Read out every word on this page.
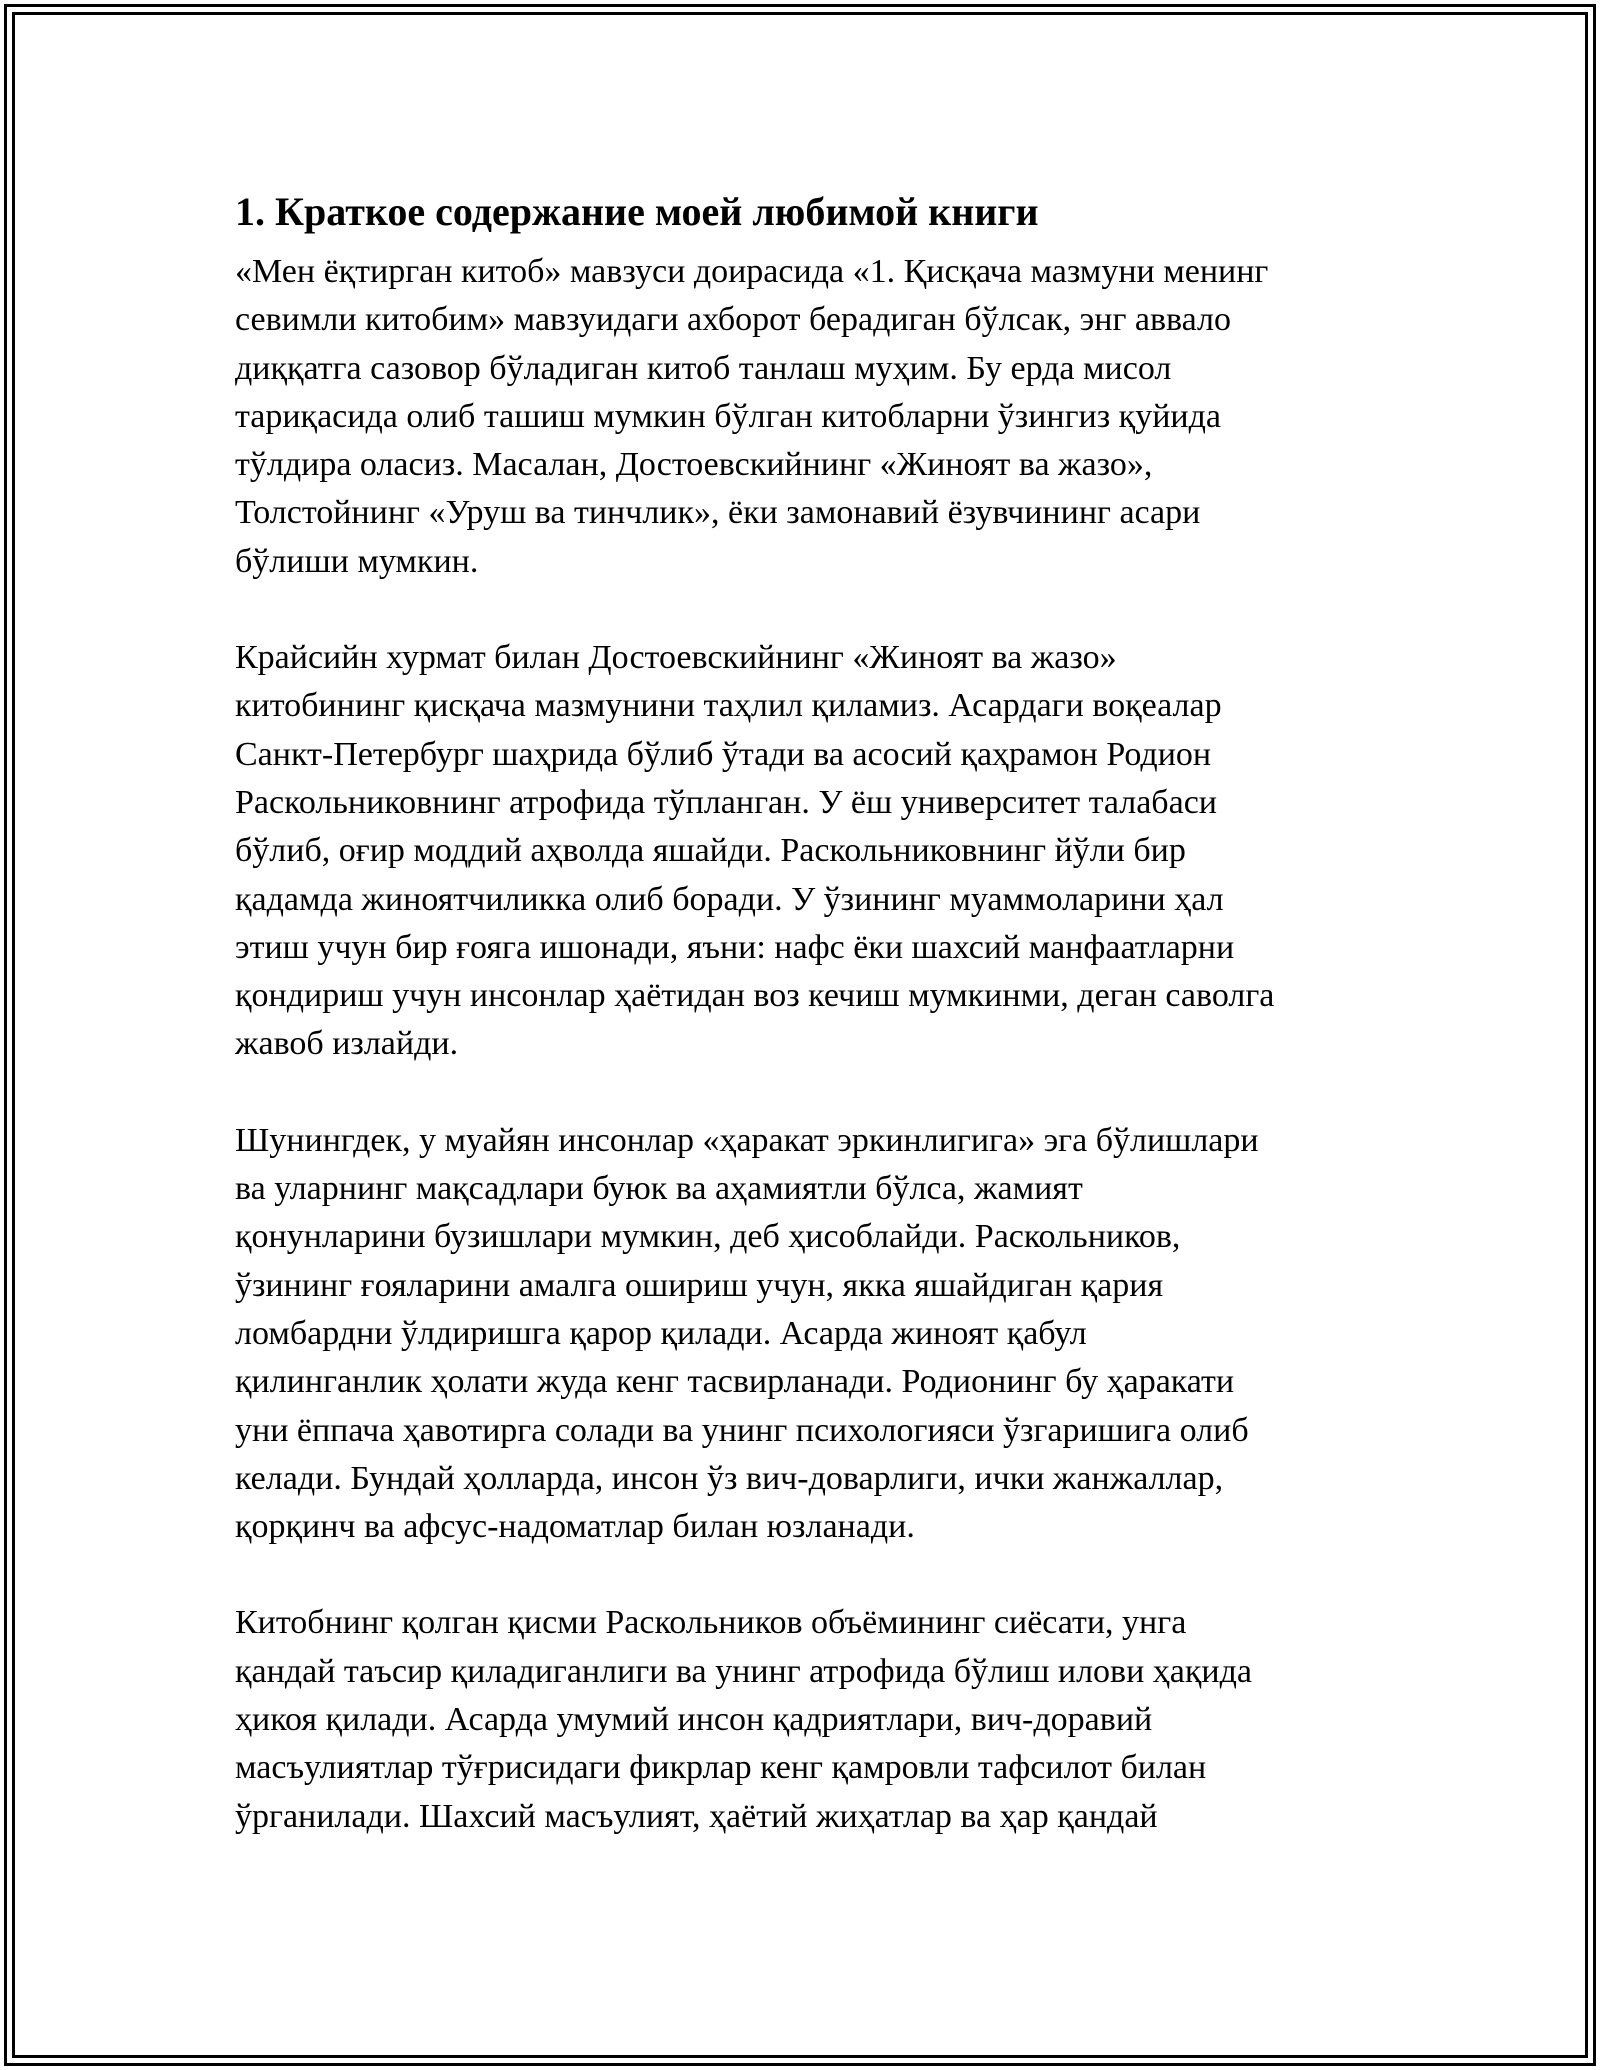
1. Краткое содержание моей любимой книги

«Мен ёқтирган китоб» мавзуси доирасида «1. Қисқача мазмуни менинг
севимли китобим» мавзуидаги ахборот берадиган бўлсак, энг аввало
диққатга сазовор бўладиган китоб танлаш муҳим. Бу ерда мисол
тариқасида олиб ташиш мумкин бўлган китобларни ўзингиз қуйида
тўлдира оласиз. Масалан, Достоевскийнинг «Жиноят ва жазо»,
Толстойнинг «Уруш ва тинчлик», ёки замонавий ёзувчининг асари
бўлиши мумкин.

Крайсийн хурмат билан Достоевскийнинг «Жиноят ва жазо»
китобининг қисқача мазмунини таҳлил қиламиз. Асардаги воқеалар
Санкт-Петербург шаҳрида бўлиб ўтади ва асосий қаҳрамон Родион
Раскольниковнинг атрофида тўпланган. У ёш университет талабаси
бўлиб, оғир моддий аҳволда яшайди. Раскольниковнинг йўли бир
қадамда жиноятчиликка олиб боради. У ўзининг муаммоларини ҳал
этиш учун бир ғояга ишонади, яъни: нафс ёки шахсий манфаатларни
қондириш учун инсонлар ҳаётидан воз кечиш мумкинми, деган саволга
жавоб излайди.

Шунингдек, у муайян инсонлар «ҳаракат эркинлигига» эга бўлишлари
ва уларнинг мақсадлари буюк ва аҳамиятли бўлса, жамият
қонунларини бузишлари мумкин, деб ҳисоблайди. Раскольников,
ўзининг ғояларини амалга ошириш учун, якка яшайдиган қария
ломбардни ўлдиришга қарор қилади. Асарда жиноят қабул
қилинганлик ҳолати жуда кенг тасвирланади. Родионинг бу ҳаракати
уни ёппача ҳавотирга солади ва унинг психологияси ўзгаришига олиб
келади. Бундай ҳолларда, инсон ўз вич-доварлиги, ички жанжаллар,
қорқинч ва афсус-надоматлар билан юзланади.

Китобнинг қолган қисми Раскольников объёмининг сиёсати, унга
қандай таъсир қиладиганлиги ва унинг атрофида бўлиш илови ҳақида
ҳикоя қилади. Асарда умумий инсон қадриятлари, вич-доравий
масъулиятлар тўғрисидаги фикрлар кенг қамровли тафсилот билан
ўрганилади. Шахсий масъулият, ҳаётий жиҳатлар ва ҳар қандай
